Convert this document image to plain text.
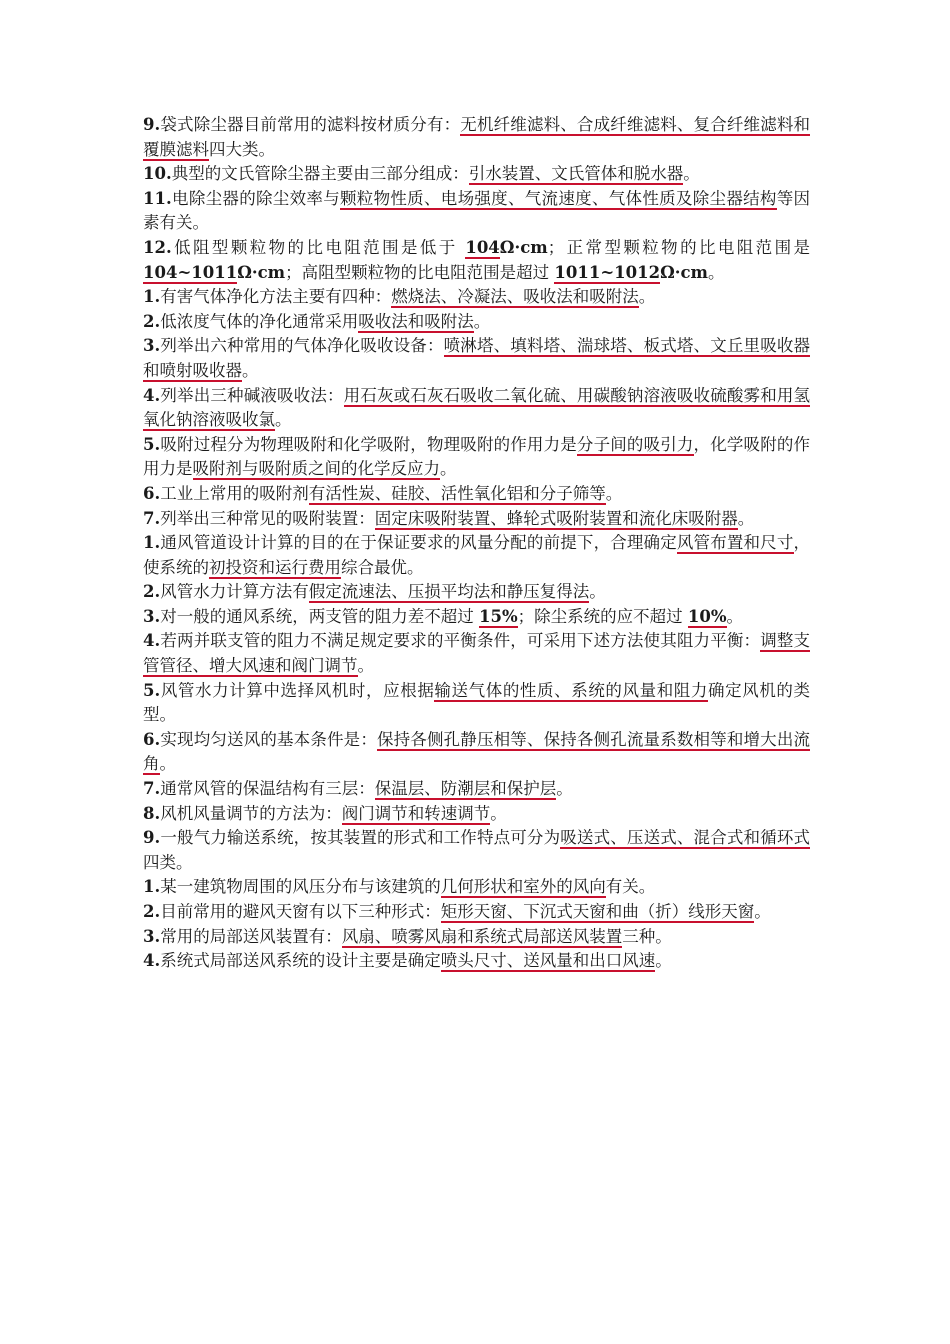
9.袋式除尘器目前常用的滤料按材质分有：无机纤维滤料、合成纤维滤料、复合纤维滤料和覆膜滤料四大类。

10.典型的文氏管除尘器主要由三部分组成：引水装置、文氏管体和脱水器。

11.电除尘器的除尘效率与颗粒物性质、电场强度、气流速度、气体性质及除尘器结构等因素有关。

12.低阻型颗粒物的比电阻范围是低于 104Ω·cm；正常型颗粒物的比电阻范围是 104~1011Ω·cm；高阻型颗粒物的比电阻范围是超过 1011~1012Ω·cm。

1.有害气体净化方法主要有四种：燃烧法、冷凝法、吸收法和吸附法。

2.低浓度气体的净化通常采用吸收法和吸附法。

3.列举出六种常用的气体净化吸收设备：喷淋塔、填料塔、湍球塔、板式塔、文丘里吸收器和喷射吸收器。

4.列举出三种碱液吸收法：用石灰或石灰石吸收二氧化硫、用碳酸钠溶液吸收硫酸雾和用氢氧化钠溶液吸收氯。

5.吸附过程分为物理吸附和化学吸附，物理吸附的作用力是分子间的吸引力，化学吸附的作用力是吸附剂与吸附质之间的化学反应力。

6.工业上常用的吸附剂有活性炭、硅胶、活性氧化铝和分子筛等。

7.列举出三种常见的吸附装置：固定床吸附装置、蜂轮式吸附装置和流化床吸附器。

1.通风管道设计计算的目的在于保证要求的风量分配的前提下，合理确定风管布置和尺寸，使系统的初投资和运行费用综合最优。

2.风管水力计算方法有假定流速法、压损平均法和静压复得法。

3.对一般的通风系统，两支管的阻力差不超过 15%；除尘系统的应不超过 10%。

4.若两并联支管的阻力不满足规定要求的平衡条件，可采用下述方法使其阻力平衡：调整支管管径、增大风速和阀门调节。

5.风管水力计算中选择风机时，应根据输送气体的性质、系统的风量和阻力确定风机的类型。

6.实现均匀送风的基本条件是：保持各侧孔静压相等、保持各侧孔流量系数相等和增大出流角。

7.通常风管的保温结构有三层：保温层、防潮层和保护层。

8.风机风量调节的方法为：阀门调节和转速调节。

9.一般气力输送系统，按其装置的形式和工作特点可分为吸送式、压送式、混合式和循环式四类。

1.某一建筑物周围的风压分布与该建筑的几何形状和室外的风向有关。

2.目前常用的避风天窗有以下三种形式：矩形天窗、下沉式天窗和曲（折）线形天窗。

3.常用的局部送风装置有：风扇、喷雾风扇和系统式局部送风装置三种。

4.系统式局部送风系统的设计主要是确定喷头尺寸、送风量和出口风速。
